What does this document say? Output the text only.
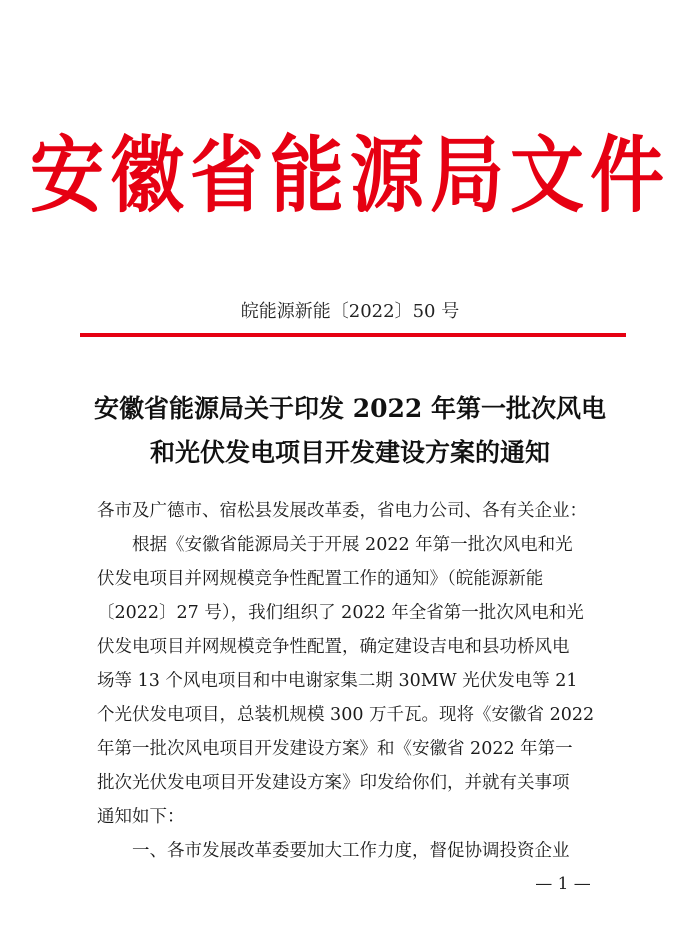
安徽省能源局文件
皖能源新能〔2022〕50 号
安徽省能源局关于印发 2022 年第一批次风电
和光伏发电项目开发建设方案的通知
各市及广德市、宿松县发展改革委，省电力公司、各有关企业：
　　根据《安徽省能源局关于开展 2022 年第一批次风电和光
伏发电项目并网规模竞争性配置工作的通知》（皖能源新能
〔2022〕27 号），我们组织了 2022 年全省第一批次风电和光
伏发电项目并网规模竞争性配置，确定建设吉电和县功桥风电
场等 13 个风电项目和中电谢家集二期 30MW 光伏发电等 21
个光伏发电项目，总装机规模 300 万千瓦。现将《安徽省 2022
年第一批次风电项目开发建设方案》和《安徽省 2022 年第一
批次光伏发电项目开发建设方案》印发给你们，并就有关事项
通知如下：
　　一、各市发展改革委要加大工作力度，督促协调投资企业
— 1 —
